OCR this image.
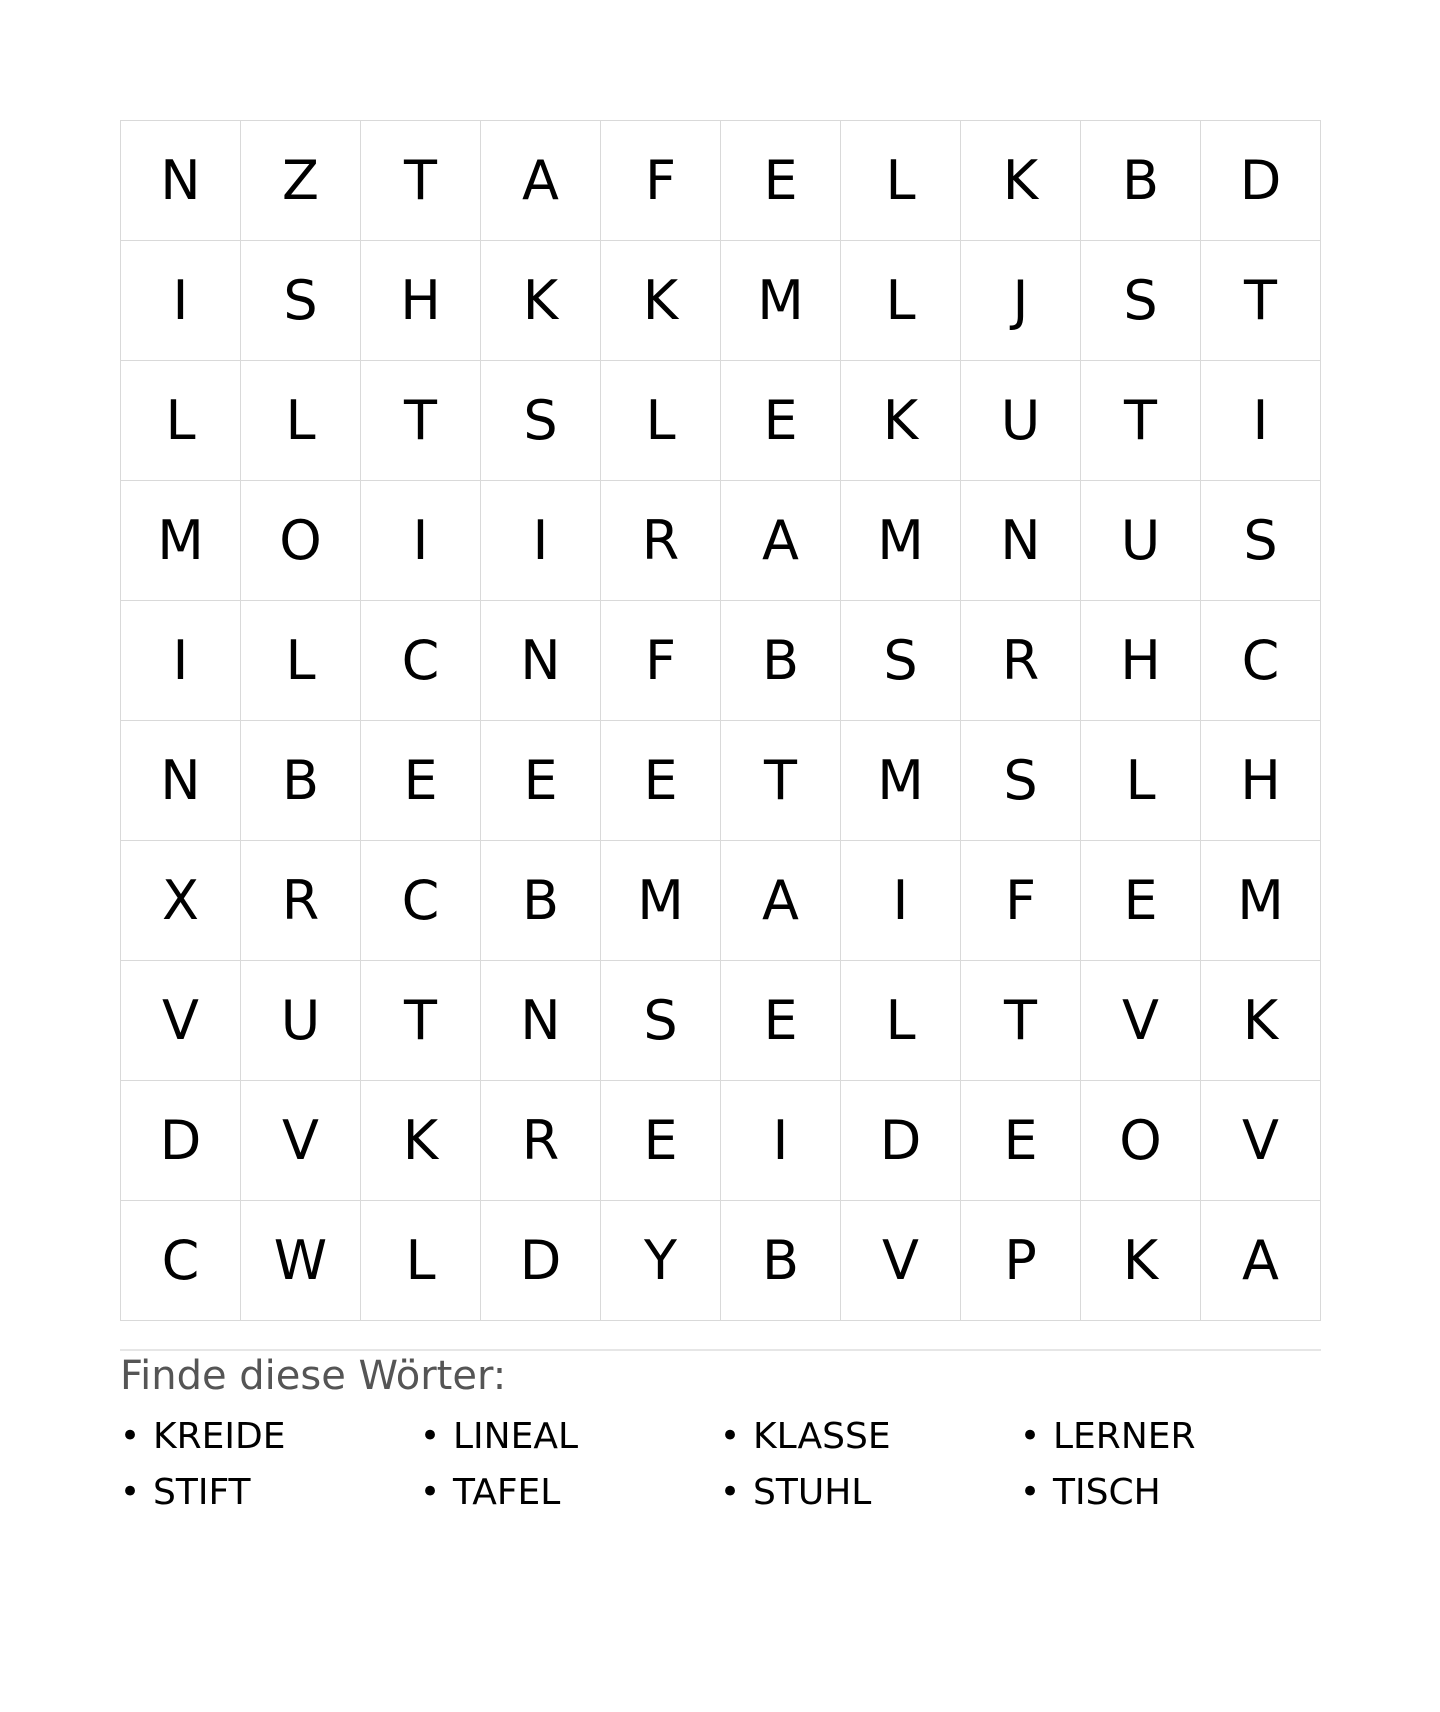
N	Z	T	A	F	E	L	K	B	D
I	S	H	K	K	M	L	J	S	T
L	L	T	S	L	E	K	U	T	I
M	O	I	I	R	A	M	N	U	S
I	L	C	N	F	B	S	R	H	C
N	B	E	E	E	T	M	S	L	H
X	R	C	B	M	A	I	F	E	M
V	U	T	N	S	E	L	T	V	K
D	V	K	R	E	I	D	E	O	V
C	W	L	D	Y	B	V	P	K	A
Finde diese Wörter:
• KREIDE	• LINEAL	• KLASSE	• LERNER
• STIFT	• TAFEL	• STUHL	• TISCH
